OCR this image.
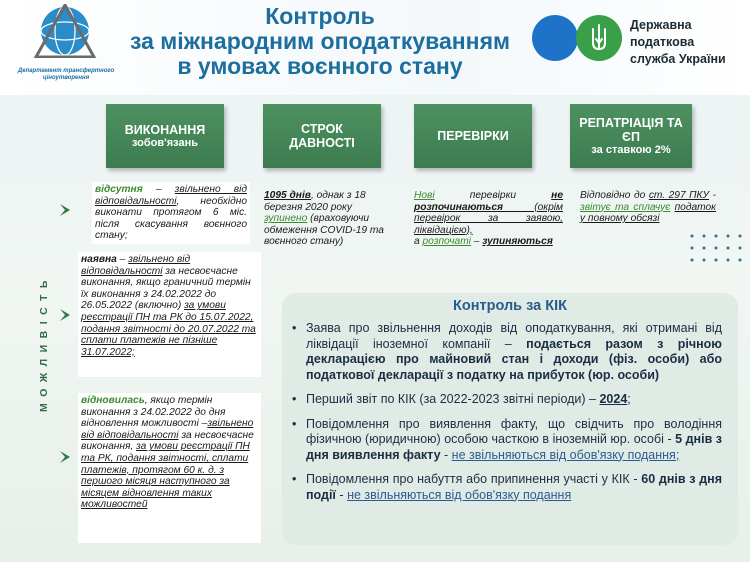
Департамент трансфертного ціноутворення
Контроль
за міжнародним оподаткуванням
в умовах воєнного стану
Державна
податкова
служба України
ВИКОНАННЯ
зобов'язань
СТРОК
ДАВНОСТІ	ПЕРЕВІРКИ
РЕПАТРІАЦІЯ ТА ЄП
за ставкою 2%
МОЖЛИВІСТЬ
відсутня – звільнено від відповідальності, необхідно виконати протягом 6 міс. після скасування воєнного стану;
наявна – звільнено від відповідальності за несвоєчасне виконання, якщо граничний термін їх виконання з 24.02.2022 до 26.05.2022 (включно) за умови реєстрації ПН та РК до 15.07.2022, подання звітності до 20.07.2022 та сплати платежів не пізніше 31.07.2022;
відновилась, якщо термін виконання з 24.02.2022 до дня відновлення можливості –звільнено від відповідальності за несвоєчасне виконання, за умови реєстрації ПН та РК, подання звітності, сплати платежів, протягом 60 к. д. з першого місяця наступного за місяцем відновлення таких можливостей
1095 днів, однак з 18 березня 2020 року зупинено (враховуючи обмеження COVID-19 та воєнного стану)
Нові перевірки не розпочинаються (окрім перевірок за заявою, ліквідацією),
а розпочаті – зупиняються
Відповідно до ст. 297 ПКУ - звітує та сплачує податок у повному обсязі
Контроль за КІК
• Заява про звільнення доходів від оподаткування, які отримані від ліквідації іноземної компанії – подається разом з річною декларацією про майновий стан і доходи (фіз. особи) або податкової декларації з податку на прибуток (юр. особи)
• Перший звіт по КІК (за 2022-2023 звітні періоди) – 2024;
• Повідомлення про виявлення факту, що свідчить про володіння фізичною (юридичною) особою часткою в іноземній юр. особі - 5 днів з дня виявлення факту - не звільняються від обов'язку подання;
• Повідомлення про набуття або припинення участі у КІК - 60 днів з дня події - не звільняються від обов'язку подання
